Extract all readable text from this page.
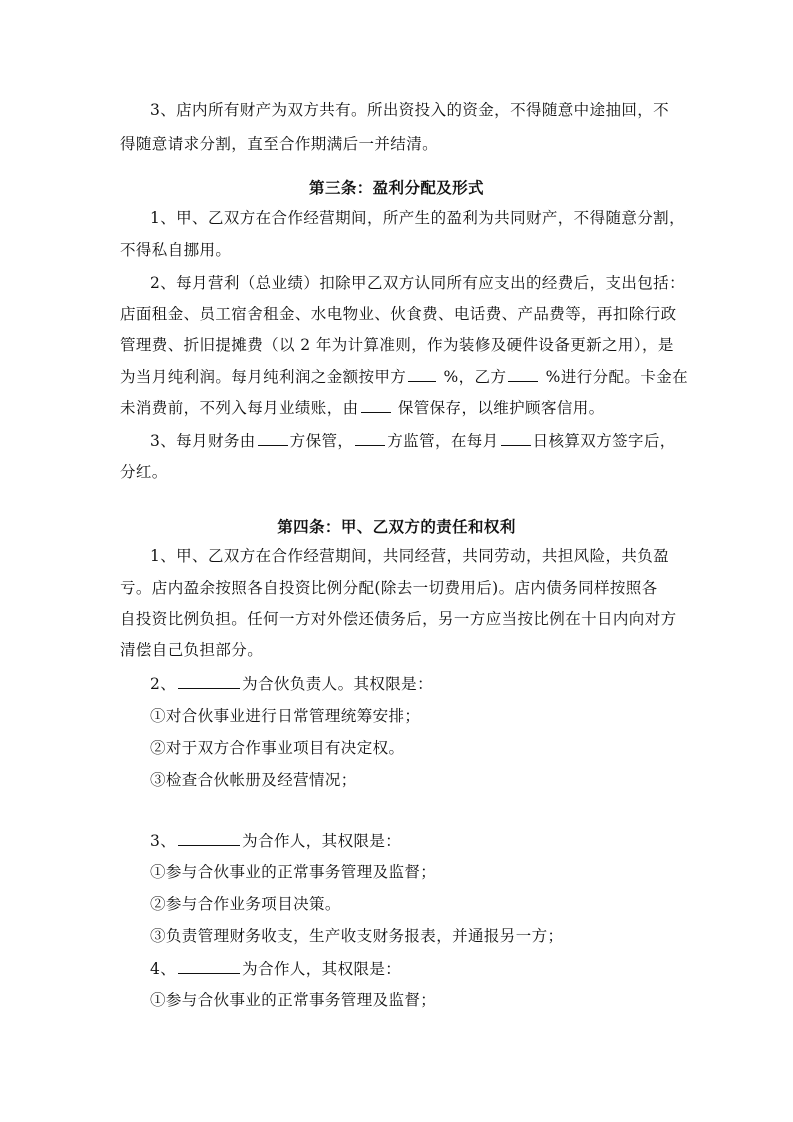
3、店内所有财产为双方共有。所出资投入的资金，不得随意中途抽回，不
得随意请求分割，直至合作期满后一并结清。
第三条：盈利分配及形式
1、甲、乙双方在合作经营期间，所产生的盈利为共同财产，不得随意分割，
不得私自挪用。
2、每月营利（总业绩）扣除甲乙双方认同所有应支出的经费后，支出包括：
店面租金、员工宿舍租金、水电物业、伙食费、电话费、产品费等，再扣除行政
管理费、折旧提摊费（以 2 年为计算准则，作为装修及硬件设备更新之用），是
为当月纯利润。每月纯利润之金额按甲方 %，乙方 %进行分配。卡金在
未消费前，不列入每月业绩账，由 保管保存，以维护顾客信用。
3、每月财务由 方保管， 方监管，在每月 日核算双方签字后，
分红。
第四条：甲、乙双方的责任和权利
1、甲、乙双方在合作经营期间，共同经营，共同劳动，共担风险，共负盈
亏。店内盈余按照各自投资比例分配(除去一切费用后)。店内债务同样按照各
自投资比例负担。任何一方对外偿还债务后，另一方应当按比例在十日内向对方
清偿自己负担部分。
2、	为合伙负责人。其权限是：
①对合伙事业进行日常管理统筹安排；
②对于双方合作事业项目有决定权。
③检查合伙帐册及经营情况；
3、	为合作人，其权限是：
①参与合伙事业的正常事务管理及监督；
②参与合作业务项目决策。
③负责管理财务收支，生产收支财务报表，并通报另一方；
4、	为合作人，其权限是：
①参与合伙事业的正常事务管理及监督；
